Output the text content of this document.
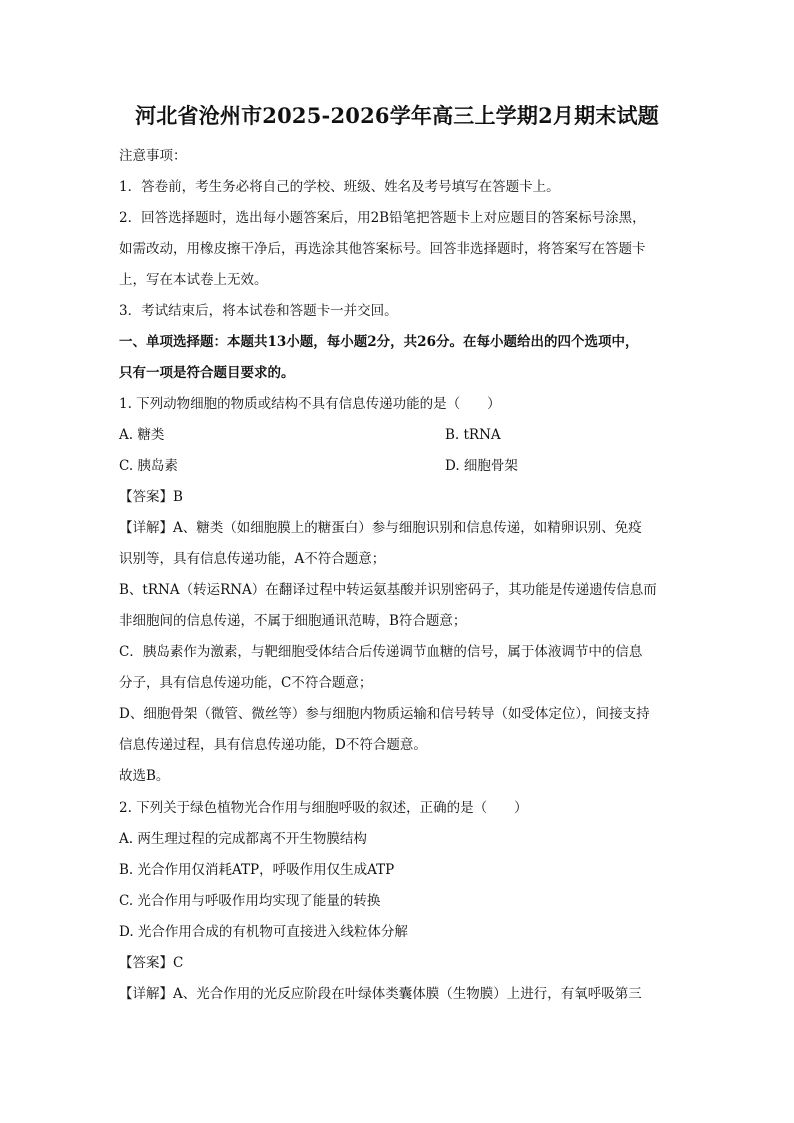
河北省沧州市2025-2026学年高三上学期2月期末试题
注意事项：
1．答卷前，考生务必将自己的学校、班级、姓名及考号填写在答题卡上。
2．回答选择题时，选出每小题答案后，用2B铅笔把答题卡上对应题目的答案标号涂黑，
如需改动，用橡皮擦干净后，再选涂其他答案标号。回答非选择题时，将答案写在答题卡
上，写在本试卷上无效。
3．考试结束后，将本试卷和答题卡一并交回。
一、单项选择题：本题共13小题，每小题2分，共26分。在每小题给出的四个选项中，
只有一项是符合题目要求的。
1. 下列动物细胞的物质或结构不具有信息传递功能的是（　　）
A. 糖类	B. tRNA
C. 胰岛素	D. 细胞骨架
【答案】B
【详解】A、糖类（如细胞膜上的糖蛋白）参与细胞识别和信息传递，如精卵识别、免疫
识别等，具有信息传递功能，A不符合题意；
B、tRNA（转运RNA）在翻译过程中转运氨基酸并识别密码子，其功能是传递遗传信息而
非细胞间的信息传递，不属于细胞通讯范畴，B符合题意；
C．胰岛素作为激素，与靶细胞受体结合后传递调节血糖的信号，属于体液调节中的信息
分子，具有信息传递功能，C不符合题意；
D、细胞骨架（微管、微丝等）参与细胞内物质运输和信号转导（如受体定位），间接支持
信息传递过程，具有信息传递功能，D不符合题意。
故选B。
2. 下列关于绿色植物光合作用与细胞呼吸的叙述，正确的是（　　）
A. 两生理过程的完成都离不开生物膜结构
B. 光合作用仅消耗ATP，呼吸作用仅生成ATP
C. 光合作用与呼吸作用均实现了能量的转换
D. 光合作用合成的有机物可直接进入线粒体分解
【答案】C
【详解】A、光合作用的光反应阶段在叶绿体类囊体膜（生物膜）上进行，有氧呼吸第三
